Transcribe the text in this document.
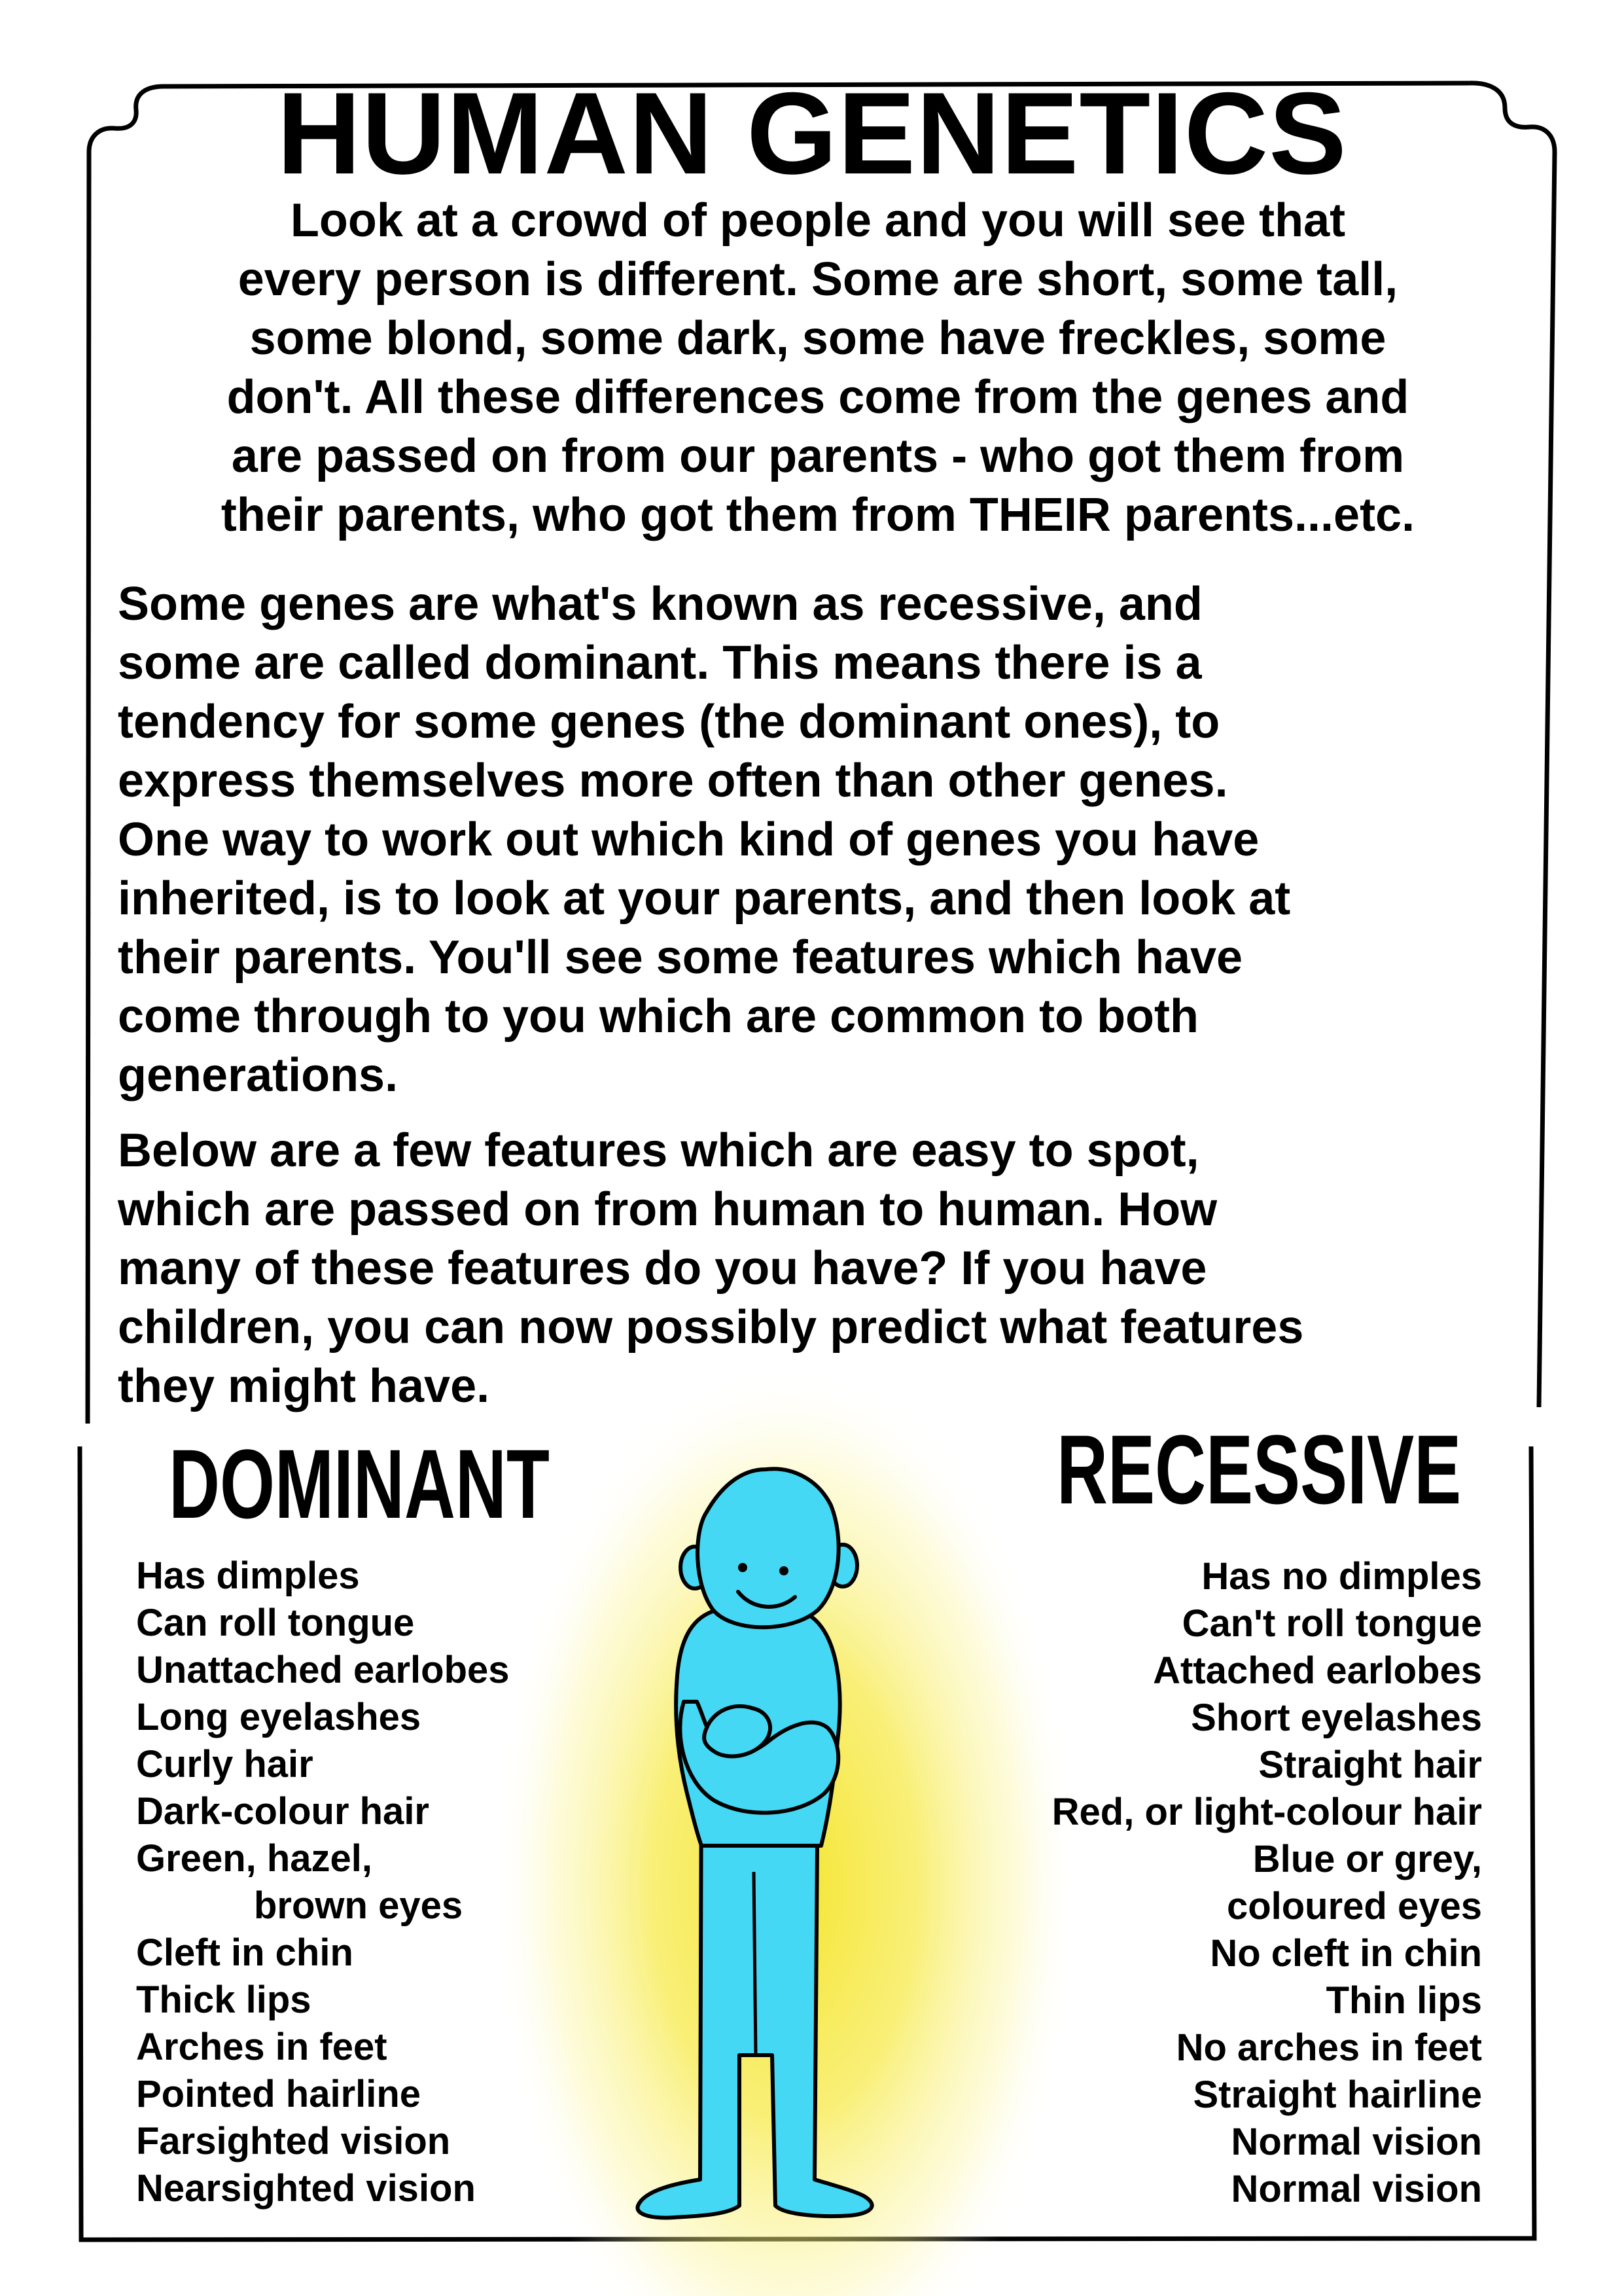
HUMAN GENETICS
Look at a crowd of people and you will see that
every person is different. Some are short, some tall,
some blond, some dark, some have freckles, some
don't. All these differences come from the genes and
are passed on from our parents - who got them from
their parents, who got them from THEIR parents...etc.
Some genes are what's known as recessive, and
some are called dominant. This means there is a
tendency for some genes (the dominant ones), to
express themselves more often than other genes.
One way to work out which kind of genes you have
inherited, is to look at your parents, and then look at
their parents. You'll see some features which have
come through to you which are common to both
generations.
Below are a few features which are easy to spot,
which are passed on from human to human. How
many of these features do you have? If you have
children, you can now possibly predict what features
they might have.
DOMINANT	RECESSIVE
Has dimples
Can roll tongue
Unattached earlobes
Long eyelashes
Curly hair
Dark-colour hair
Green, hazel,
brown eyes
Cleft in chin
Thick lips
Arches in feet
Pointed hairline
Farsighted vision
Nearsighted vision
Has no dimples
Can't roll tongue
Attached earlobes
Short eyelashes
Straight hair
Red, or light-colour hair
Blue or grey,
coloured eyes
No cleft in chin
Thin lips
No arches in feet
Straight hairline
Normal vision
Normal vision
